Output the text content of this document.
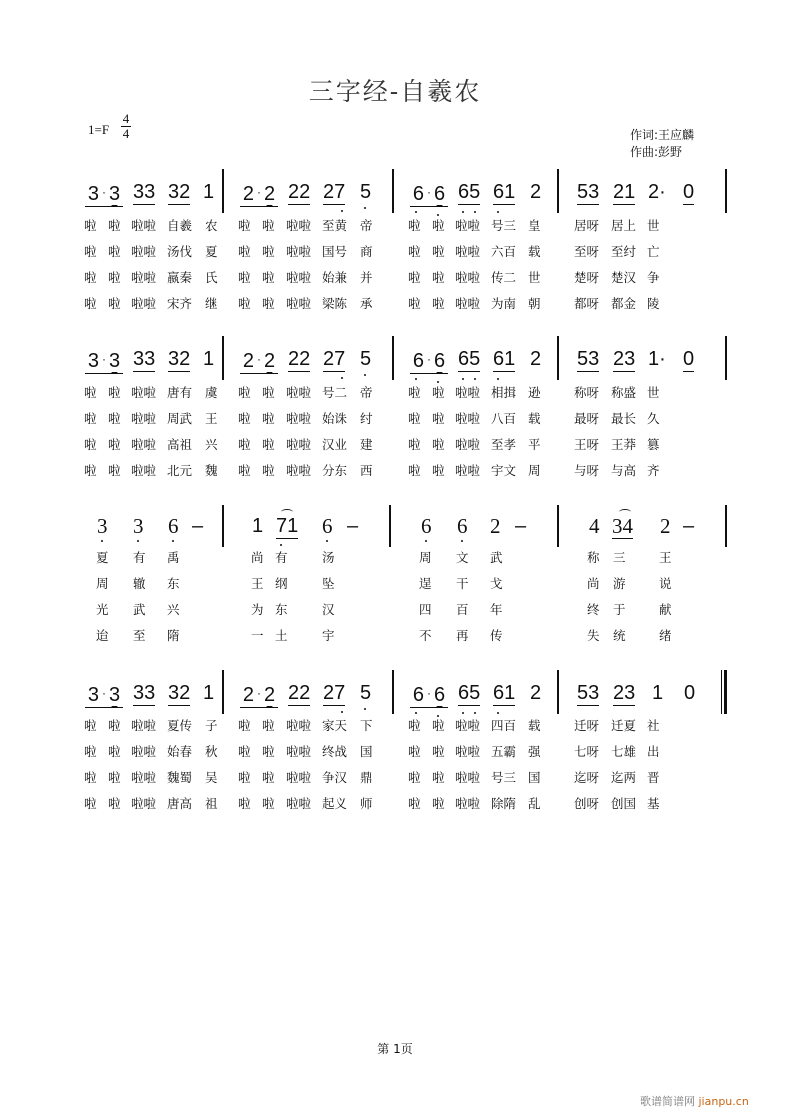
三字经-自羲农
1=F
4
4	作词:王应麟
作曲:彭野
3 · 3 33 32 1 2 · 2 22 27 5 6 · 6 65 61 2 53 21 2· 0
啦 啦 啦啦 自羲 农 啦 啦 啦啦 至黄 帝	啦 啦 啦啦 号三 皇	居呀 居上 世
啦 啦 啦啦 汤伐 夏 啦 啦 啦啦 国号 商	啦 啦 啦啦 六百 载	至呀 至纣 亡
啦 啦 啦啦 嬴秦 氏 啦 啦 啦啦 始兼 并	啦 啦 啦啦 传二 世	楚呀 楚汉 争
啦 啦 啦啦 宋齐 继 啦 啦 啦啦 梁陈 承	啦 啦 啦啦 为南 朝	都呀 都金 陵
3 · 3 33 32 1 2 · 2 22 27 5 6 · 6 65 61 2 53 23 1· 0
啦 啦 啦啦 唐有 虞 啦 啦 啦啦 号二 帝	啦 啦 啦啦 相揖 逊	称呀 称盛 世
啦 啦 啦啦 周武 王 啦 啦 啦啦 始诛 纣	啦 啦 啦啦 八百 载	最呀 最长 久
啦 啦 啦啦 高祖 兴 啦 啦 啦啦 汉业 建	啦 啦 啦啦 至孝 平	王呀 王莽 篡
啦 啦 啦啦 北元 魏 啦 啦 啦啦 分东 西	啦 啦 啦啦 宇文 周	与呀 与高 齐
3 3 6 – 1 71 6 –	6 6 2 –	4 34 2 –
夏 有 禹	尚 有	汤	周 文 武	称 三	王
周 辙 东	王 纲	坠	逞 干 戈	尚 游	说
光 武 兴	为 东	汉	四 百 年	终 于	献
迨 至 隋	一 土	宇	不 再 传	失 统	绪
3 · 3 33 32 1 2 · 2 22 27 5 6 · 6 65 61 2 53 23 1 0
啦 啦 啦啦 夏传 子 啦 啦 啦啦 家天 下	啦 啦 啦啦 四百 载	迁呀 迁夏 社
啦 啦 啦啦 始春 秋 啦 啦 啦啦 终战 国	啦 啦 啦啦 五霸 强	七呀 七雄 出
啦 啦 啦啦 魏蜀 吴 啦 啦 啦啦 争汉 鼎	啦 啦 啦啦 号三 国	迄呀 迄两 晋
啦 啦 啦啦 唐高 祖 啦 啦 啦啦 起义 师	啦 啦 啦啦 除隋 乱	创呀 创国 基
第 1页
歌谱简谱网 jianpu.cn
